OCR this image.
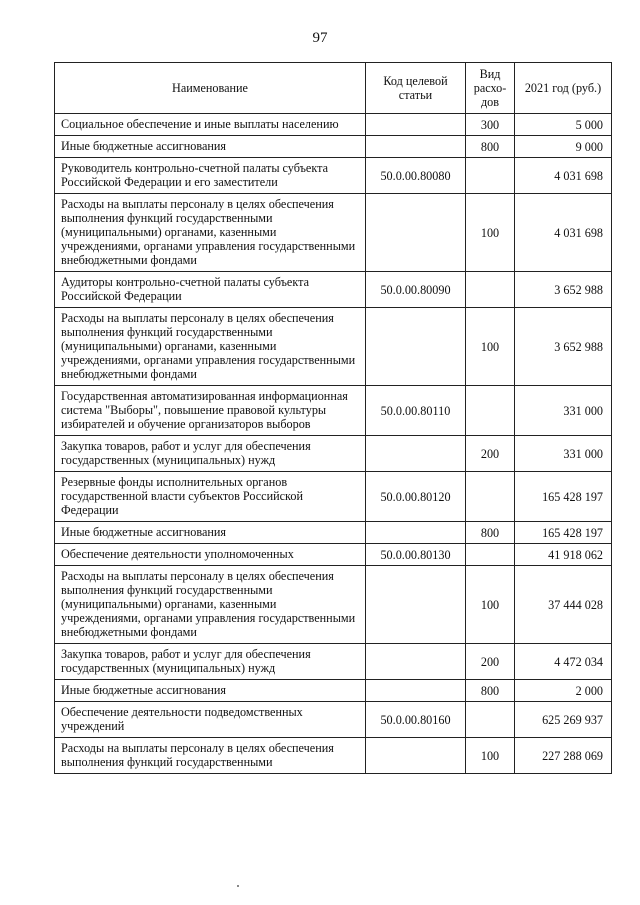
97
Наименование	Код целевой статьи	Вид расхо-дов	2021 год (руб.)
Социальное обеспечение и иные выплаты населению		300	5 000
Иные бюджетные ассигнования		800	9 000
Руководитель контрольно-счетной палаты субъекта Российской Федерации и его заместители	50.0.00.80080		4 031 698
Расходы на выплаты персоналу в целях обеспечения выполнения функций государственными (муниципальными) органами, казенными учреждениями, органами управления государственными внебюджетными фондами		100	4 031 698
Аудиторы контрольно-счетной палаты субъекта Российской Федерации	50.0.00.80090		3 652 988
Расходы на выплаты персоналу в целях обеспечения выполнения функций государственными (муниципальными) органами, казенными учреждениями, органами управления государственными внебюджетными фондами		100	3 652 988
Государственная автоматизированная информационная система "Выборы", повышение правовой культуры избирателей и обучение организаторов выборов	50.0.00.80110		331 000
Закупка товаров, работ и услуг для обеспечения государственных (муниципальных) нужд		200	331 000
Резервные фонды исполнительных органов государственной власти субъектов Российской Федерации	50.0.00.80120		165 428 197
Иные бюджетные ассигнования		800	165 428 197
Обеспечение деятельности уполномоченных	50.0.00.80130		41 918 062
Расходы на выплаты персоналу в целях обеспечения выполнения функций государственными (муниципальными) органами, казенными учреждениями, органами управления государственными внебюджетными фондами		100	37 444 028
Закупка товаров, работ и услуг для обеспечения государственных (муниципальных) нужд		200	4 472 034
Иные бюджетные ассигнования		800	2 000
Обеспечение деятельности подведомственных учреждений	50.0.00.80160		625 269 937
Расходы на выплаты персоналу в целях обеспечения выполнения функций государственными		100	227 288 069
